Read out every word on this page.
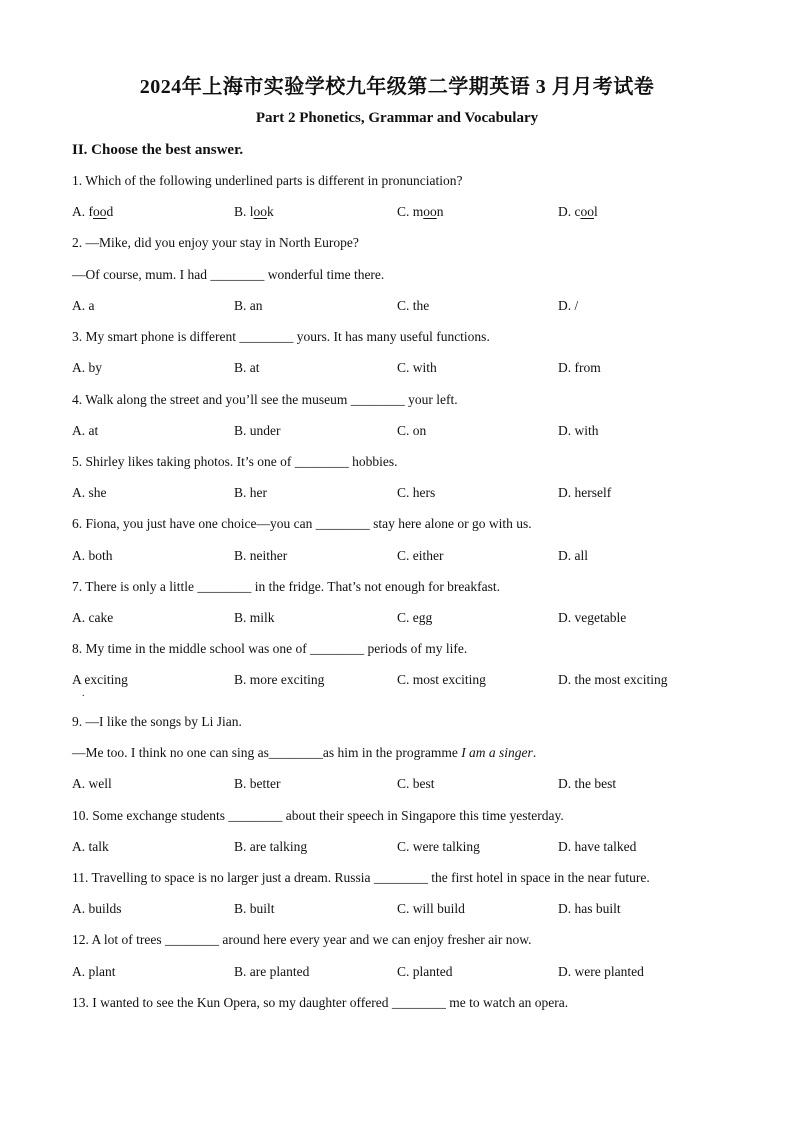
2024年上海市实验学校九年级第二学期英语 3 月月考试卷
Part 2 Phonetics, Grammar and Vocabulary
II. Choose the best answer.
1. Which of the following underlined parts is different in pronunciation?
A. food	B. look	C. moon	D. cool
2. —Mike, did you enjoy your stay in North Europe?
—Of course, mum. I had ________ wonderful time there.
A. a	B. an	C. the	D. /
3. My smart phone is different ________ yours. It has many useful functions.
A. by	B. at	C. with	D. from
4. Walk along the street and you’ll see the museum ________ your left.
A. at	B. under	C. on	D. with
5. Shirley likes taking photos. It’s one of ________ hobbies.
A. she	B. her	C. hers	D. herself
6. Fiona, you just have one choice—you can ________ stay here alone or go with us.
A. both	B. neither	C. either	D. all
7. There is only a little ________ in the fridge. That’s not enough for breakfast.
A. cake	B. milk	C. egg	D. vegetable
8. My time in the middle school was one of ________ periods of my life.
A exciting
.
B. more exciting	C. most exciting	D. the most exciting
9. —I like the songs by Li Jian.
—Me too. I think no one can sing as________as him in the programme I am a singer.
A. well	B. better	C. best	D. the best
10. Some exchange students ________ about their speech in Singapore this time yesterday.
A. talk	B. are talking	C. were talking	D. have talked
11. Travelling to space is no larger just a dream. Russia ________ the first hotel in space in the near future.
A. builds	B. built	C. will build	D. has built
12. A lot of trees ________ around here every year and we can enjoy fresher air now.
A. plant	B. are planted	C. planted	D. were planted
13. I wanted to see the Kun Opera, so my daughter offered ________ me to watch an opera.
